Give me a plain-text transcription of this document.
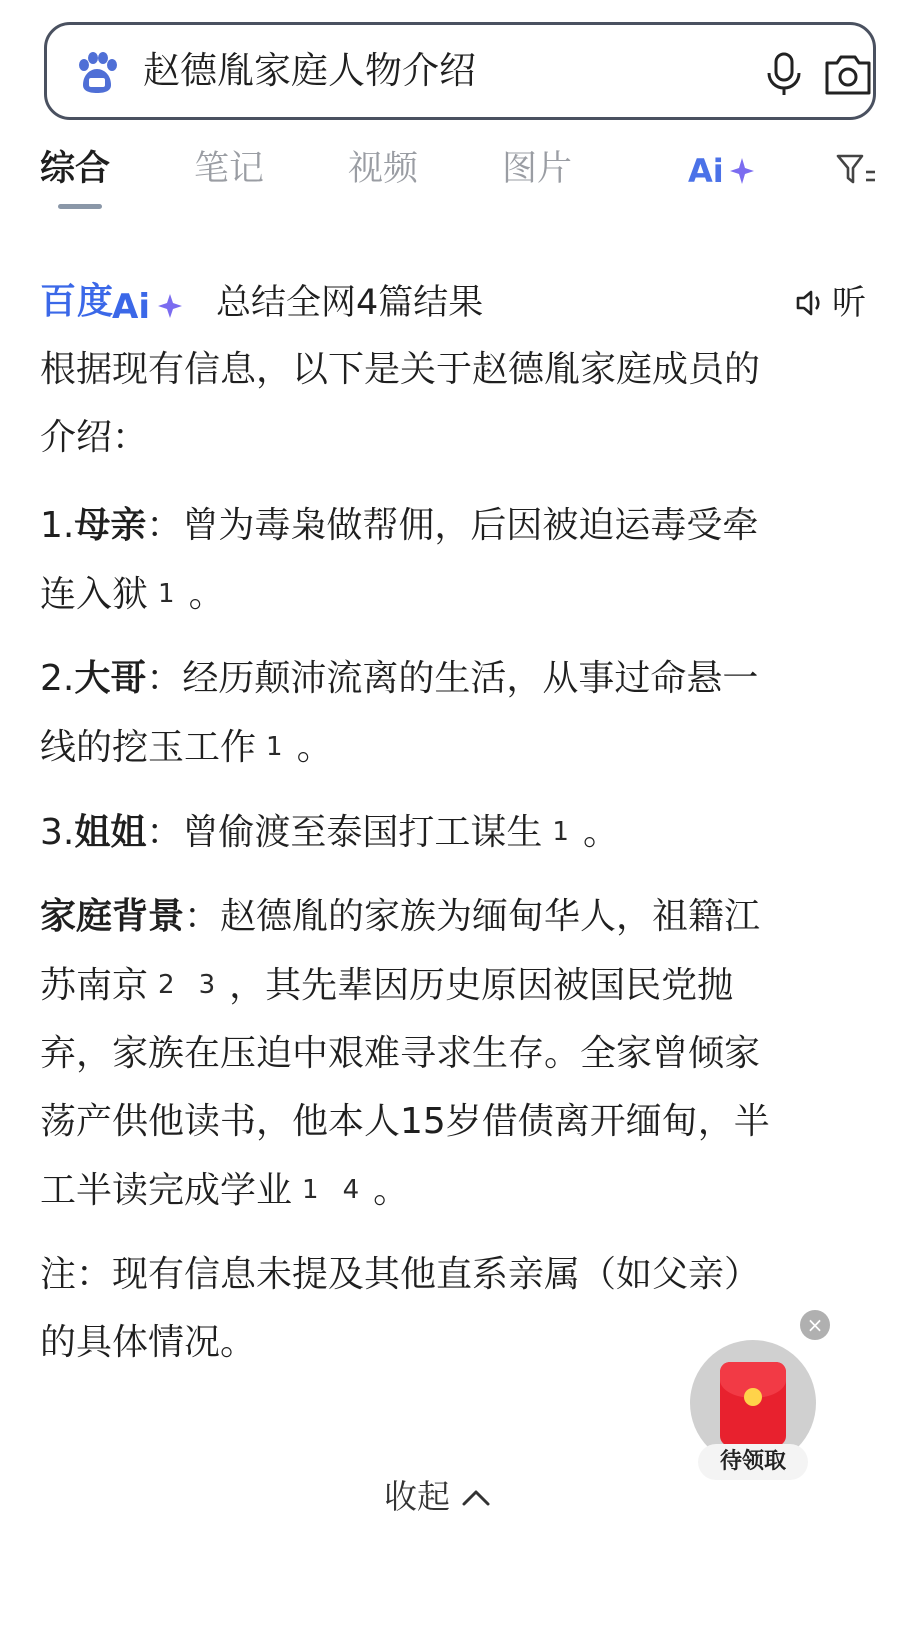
赵德胤家庭人物介绍
综合 笔记 视频 图片	Ai
百度
Ai 总结全网4篇结果	听
根据现有信息，以下是关于赵德胤家庭成员的
介绍：
1.母亲：曾为毒枭做帮佣，后因被迫运毒受牵
连入狱 1 。
2.大哥：经历颠沛流离的生活，从事过命悬一
线的挖玉工作 1 。
3.姐姐：曾偷渡至泰国打工谋生 1 。
家庭背景：赵德胤的家族为缅甸华人，祖籍江
苏南京 2 3 ，其先辈因历史原因被国民党抛
弃，家族在压迫中艰难寻求生存。全家曾倾家
荡产供他读书，他本人15岁借债离开缅甸，半
工半读完成学业 1 4 。
注：现有信息未提及其他直系亲属（如父亲）
的具体情况。
收起
×
待领取
